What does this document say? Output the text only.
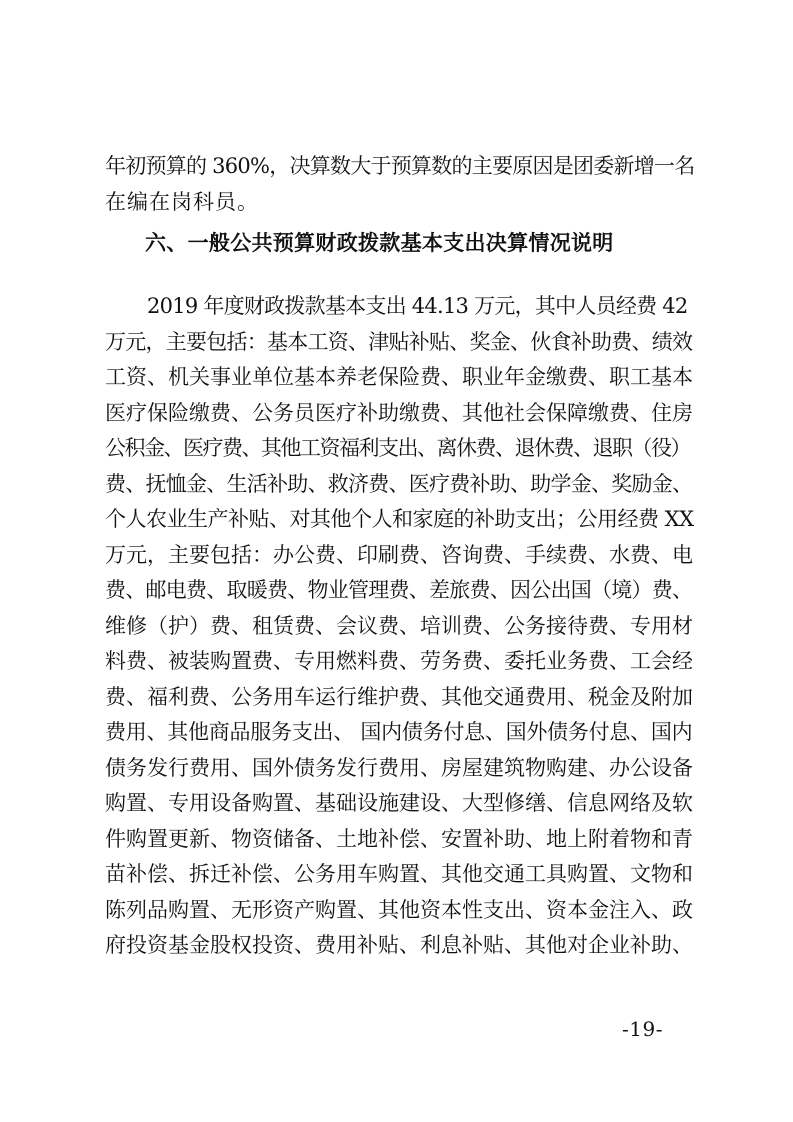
年初预算的 360%，决算数大于预算数的主要原因是团委新增一名
在编在岗科员。
六、一般公共预算财政拨款基本支出决算情况说明
2019 年度财政拨款基本支出 44.13 万元，其中人员经费 42
万元，主要包括：基本工资、津贴补贴、奖金、伙食补助费、绩效
工资、机关事业单位基本养老保险费、职业年金缴费、职工基本
医疗保险缴费、公务员医疗补助缴费、其他社会保障缴费、住房
公积金、医疗费、其他工资福利支出、离休费、退休费、退职（役）
费、抚恤金、生活补助、救济费、医疗费补助、助学金、奖励金、
个人农业生产补贴、对其他个人和家庭的补助支出；公用经费 XX
万元，主要包括：办公费、印刷费、咨询费、手续费、水费、电
费、邮电费、取暖费、物业管理费、差旅费、因公出国（境）费、
维修（护）费、租赁费、会议费、培训费、公务接待费、专用材
料费、被装购置费、专用燃料费、劳务费、委托业务费、工会经
费、福利费、公务用车运行维护费、其他交通费用、税金及附加
费用、其他商品服务支出、 国内债务付息、国外债务付息、国内
债务发行费用、国外债务发行费用、房屋建筑物购建、办公设备
购置、专用设备购置、基础设施建设、大型修缮、信息网络及软
件购置更新、物资储备、土地补偿、安置补助、地上附着物和青
苗补偿、拆迁补偿、公务用车购置、其他交通工具购置、文物和
陈列品购置、无形资产购置、其他资本性支出、资本金注入、政
府投资基金股权投资、费用补贴、利息补贴、其他对企业补助、
-19-
